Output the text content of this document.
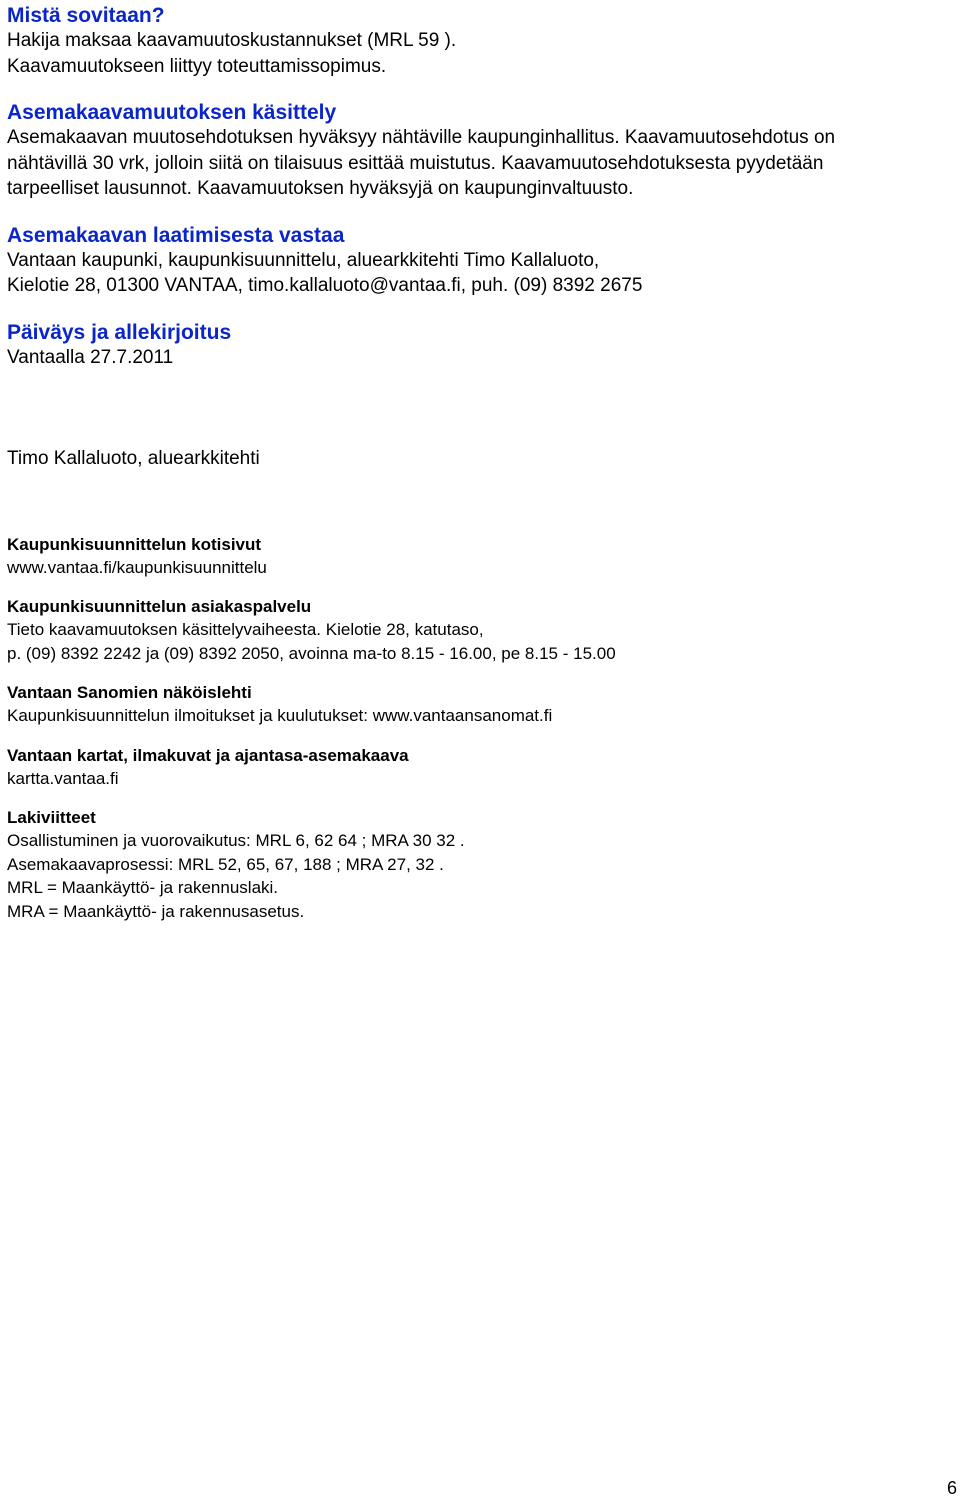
Mistä sovitaan?

Hakija maksaa kaavamuutoskustannukset (MRL 59 ).

Kaavamuutokseen liittyy toteuttamissopimus.

Asemakaavamuutoksen käsittely

Asemakaavan muutosehdotuksen hyväksyy nähtäville kaupunginhallitus. Kaavamuutosehdotus on

nähtävillä 30 vrk, jolloin siitä on tilaisuus esittää muistutus. Kaavamuutosehdotuksesta pyydetään

tarpeelliset lausunnot. Kaavamuutoksen hyväksyjä on kaupunginvaltuusto.

Asemakaavan laatimisesta vastaa

Vantaan kaupunki, kaupunkisuunnittelu, aluearkkitehti Timo Kallaluoto,

Kielotie 28, 01300 VANTAA, timo.kallaluoto@vantaa.fi, puh. (09) 8392 2675

Päiväys ja allekirjoitus

Vantaalla 27.7.2011

Timo Kallaluoto, aluearkkitehti

Kaupunkisuunnittelun kotisivut

www.vantaa.fi/kaupunkisuunnittelu

Kaupunkisuunnittelun asiakaspalvelu

Tieto kaavamuutoksen käsittelyvaiheesta. Kielotie 28, katutaso,

p. (09) 8392 2242 ja (09) 8392 2050, avoinna ma-to 8.15 - 16.00, pe 8.15 - 15.00

Vantaan Sanomien näköislehti

Kaupunkisuunnittelun ilmoitukset ja kuulutukset: www.vantaansanomat.fi

Vantaan kartat, ilmakuvat ja ajantasa-asemakaava

kartta.vantaa.fi

Lakiviitteet

Osallistuminen ja vuorovaikutus: MRL 6, 62 64 ; MRA 30 32 .

Asemakaavaprosessi: MRL 52, 65, 67, 188 ; MRA 27, 32 .

MRL = Maankäyttö- ja rakennuslaki.

MRA = Maankäyttö- ja rakennusasetus.

6
